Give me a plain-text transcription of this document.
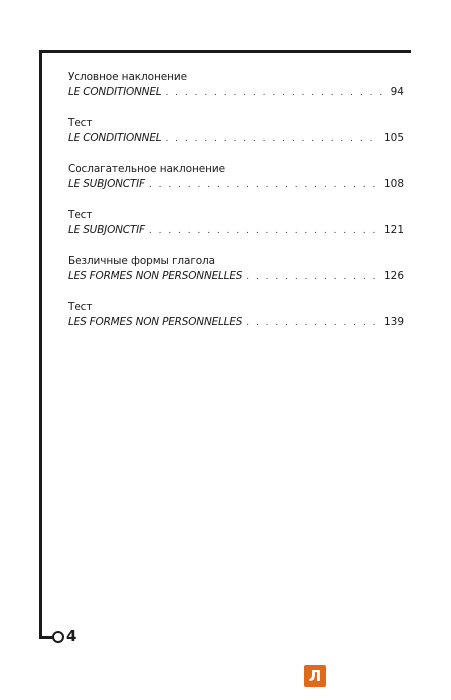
4
Условное наклонение
LE CONDITIONNEL . . .	94
Тест
LE CONDITIONNEL . . .	105
Сослагательное наклонение
LE SUBJONCTIF . . .	108
Тест
LE SUBJONCTIF . . .	121
Безличные формы глагола
LES FORMES NON PERSONNELLES . . .	126
Тест
LES FORMES NON PERSONNELLES . . .	139
Л
